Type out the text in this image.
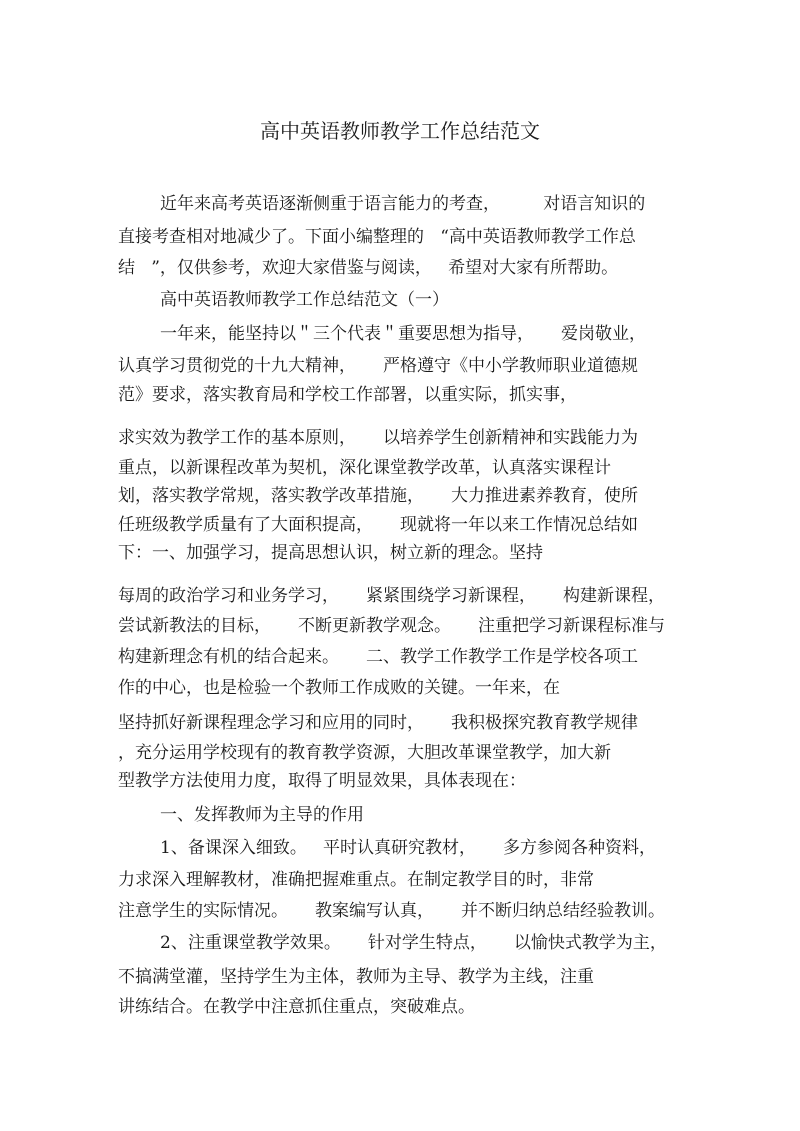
高中英语教师教学工作总结范文
近年来高考英语逐渐侧重于语言能力的考查，        对语言知识的
直接考查相对地减少了。下面小编整理的   “高中英语教师教学工作总
结   ”，仅供参考，欢迎大家借鉴与阅读，   希望对大家有所帮助。
高中英语教师教学工作总结范文（一）
一年来，能坚持以＂三个代表＂重要思想为指导，     爱岗敬业，
认真学习贯彻党的十九大精神，     严格遵守《中小学教师职业道德规
范》要求，落实教育局和学校工作部署，以重实际，抓实事，
求实效为教学工作的基本原则，     以培养学生创新精神和实践能力为
重点，以新课程改革为契机，深化课堂教学改革，认真落实课程计
划，落实教学常规，落实教学改革措施，     大力推进素养教育，使所
任班级教学质量有了大面积提高，     现就将一年以来工作情况总结如
下：一、加强学习，提高思想认识，树立新的理念。坚持
每周的政治学习和业务学习，     紧紧围绕学习新课程，     构建新课程，
尝试新教法的目标，     不断更新教学观念。     注重把学习新课程标准与
构建新理念有机的结合起来。     二、教学工作教学工作是学校各项工
作的中心，也是检验一个教师工作成败的关键。一年来，在
坚持抓好新课程理念学习和应用的同时，     我积极探究教育教学规律
，充分运用学校现有的教育教学资源，大胆改革课堂教学，加大新
型教学方法使用力度，取得了明显效果，具体表现在：
一、发挥教师为主导的作用
1、备课深入细致。   平时认真研究教材，     多方参阅各种资料，
力求深入理解教材，准确把握难重点。在制定教学目的时，非常
注意学生的实际情况。     教案编写认真，     并不断归纳总结经验教训。
2、注重课堂教学效果。     针对学生特点，     以愉快式教学为主，
不搞满堂灌，坚持学生为主体，教师为主导、教学为主线，注重
讲练结合。在教学中注意抓住重点，突破难点。
